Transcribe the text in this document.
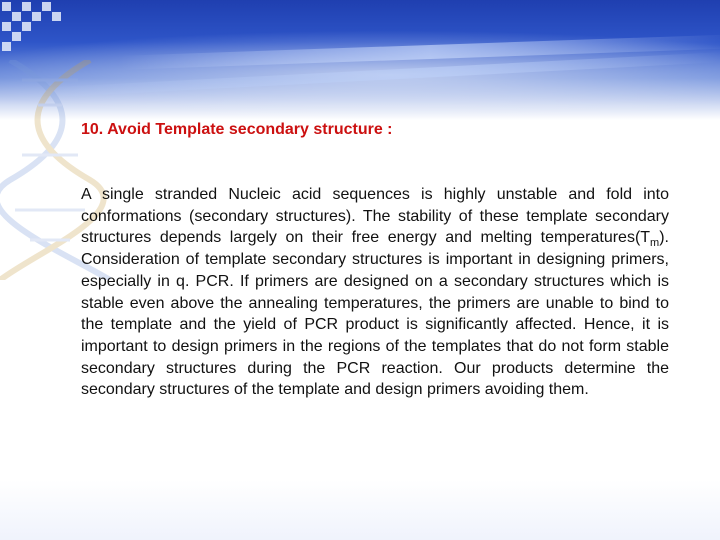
10. Avoid Template secondary structure :

A single stranded Nucleic acid sequences is highly unstable and fold into conformations (secondary structures). The stability of these template secondary structures depends largely on their free energy and melting $temperatures(T_m)$. Consideration of template secondary structures is important in designing primers, especially in q. PCR. If primers are designed on a secondary structures which is stable even above the annealing temperatures, the primers are unable to bind to the template and the yield of PCR product is significantly affected. Hence, it is important to design primers in the regions of the templates that do not form stable secondary structures during the PCR reaction. Our products determine the secondary structures of the template and design primers avoiding them.
